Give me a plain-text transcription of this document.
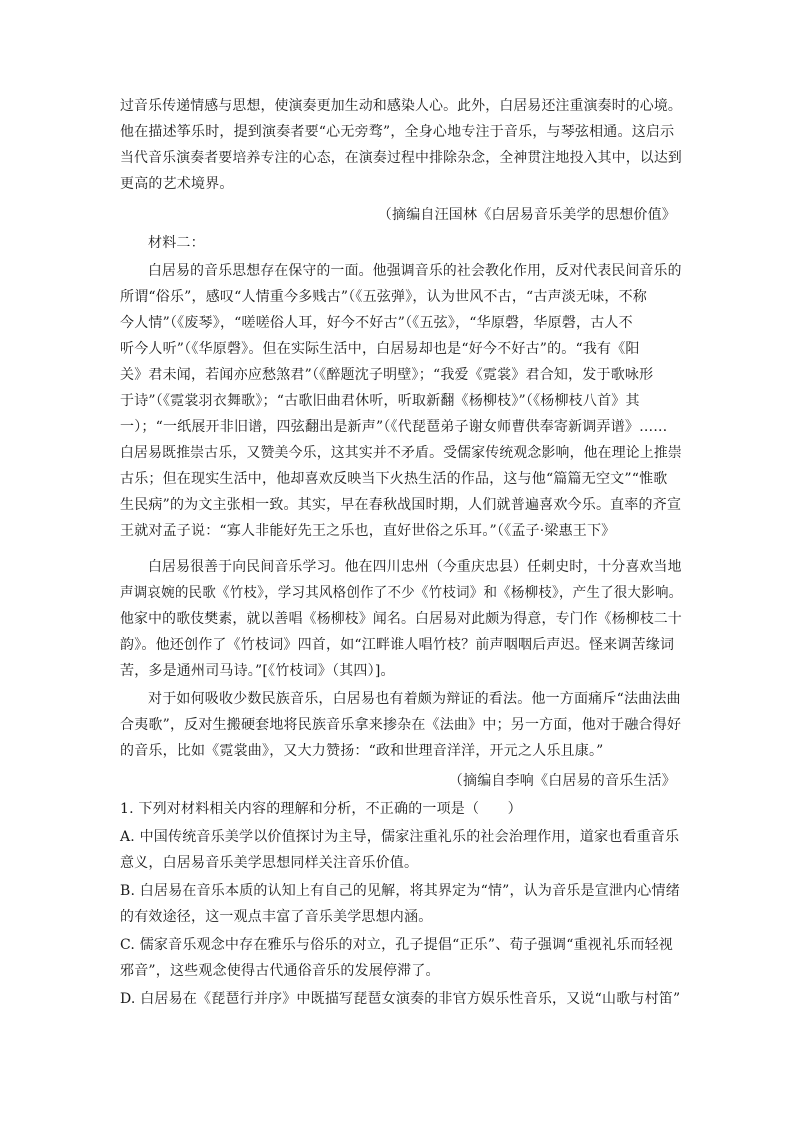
过音乐传递情感与思想，使演奏更加生动和感染人心。此外，白居易还注重演奏时的心境。
他在描述筝乐时，提到演奏者要“心无旁骛”，全身心地专注于音乐，与琴弦相通。这启示
当代音乐演奏者要培养专注的心态，在演奏过程中排除杂念，全神贯注地投入其中，以达到
更高的艺术境界。
（摘编自汪国林《白居易音乐美学的思想价值》
材料二：
白居易的音乐思想存在保守的一面。他强调音乐的社会教化作用，反对代表民间音乐的
所谓“俗乐”，感叹“人情重今多贱古”（《五弦弹》，认为世风不古，“古声淡无味，不称
今人情”（《废琴》，“嗟嗟俗人耳，好今不好古”（《五弦》，“华原磬，华原磬，古人不
听今人听”（《华原磬》。但在实际生活中，白居易却也是“好今不好古”的。“我有《阳
关》君未闻，若闻亦应愁煞君”（《醉题沈子明壁》；“我爱《霓裳》君合知，发于歌咏形
于诗”（《霓裳羽衣舞歌》；“古歌旧曲君休听，听取新翻《杨柳枝》”（《杨柳枝八首》其
一）；“一纸展开非旧谱，四弦翻出是新声”（《代琵琶弟子谢女师曹供奉寄新调弄谱》……
白居易既推崇古乐，又赞美今乐，这其实并不矛盾。受儒家传统观念影响，他在理论上推崇
古乐；但在现实生活中，他却喜欢反映当下火热生活的作品，这与他“篇篇无空文”“惟歌
生民病”的为文主张相一致。其实，早在春秋战国时期，人们就普遍喜欢今乐。直率的齐宣
王就对孟子说：“寡人非能好先王之乐也，直好世俗之乐耳。”（《孟子·梁惠王下》
白居易很善于向民间音乐学习。他在四川忠州（今重庆忠县）任刺史时，十分喜欢当地
声调哀婉的民歌《竹枝》，学习其风格创作了不少《竹枝词》和《杨柳枝》，产生了很大影响。
他家中的歌伎樊素，就以善唱《杨柳枝》闻名。白居易对此颇为得意，专门作《杨柳枝二十
韵》。他还创作了《竹枝词》四首，如“江畔谁人唱竹枝？前声咽咽后声迟。怪来调苦缘词
苦，多是通州司马诗。”[《竹枝词》（其四）]。
对于如何吸收少数民族音乐，白居易也有着颇为辩证的看法。他一方面痛斥“法曲法曲
合夷歌”，反对生搬硬套地将民族音乐拿来掺杂在《法曲》中；另一方面，他对于融合得好
的音乐，比如《霓裳曲》，又大力赞扬：“政和世理音洋洋，开元之人乐且康。”
（摘编自李响《白居易的音乐生活》
1. 下列对材料相关内容的理解和分析，不正确的一项是（　　）
A. 中国传统音乐美学以价值探讨为主导，儒家注重礼乐的社会治理作用，道家也看重音乐
意义，白居易音乐美学思想同样关注音乐价值。
B. 白居易在音乐本质的认知上有自己的见解，将其界定为“情”，认为音乐是宣泄内心情绪
的有效途径，这一观点丰富了音乐美学思想内涵。
C. 儒家音乐观念中存在雅乐与俗乐的对立，孔子提倡“正乐”、荀子强调“重视礼乐而轻视
邪音”，这些观念使得古代通俗音乐的发展停滞了。
D. 白居易在《琵琶行并序》中既描写琵琶女演奏的非官方娱乐性音乐，又说“山歌与村笛”
